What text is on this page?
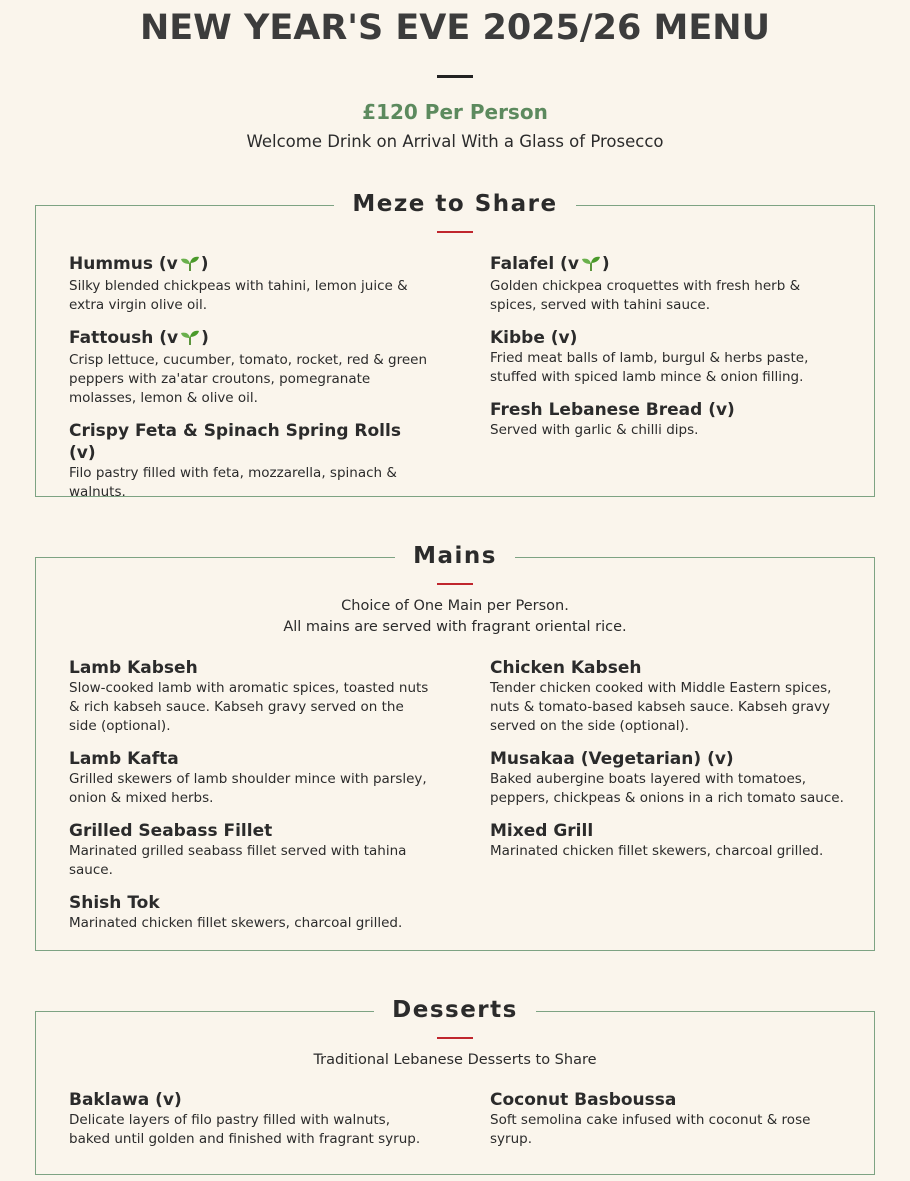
NEW YEAR'S EVE 2025/26 MENU
£120 Per Person
Welcome Drink on Arrival With a Glass of Prosecco
Meze to Share
Hummus (v )
Silky blended chickpeas with tahini, lemon juice & extra virgin olive oil.
Fattoush (v )
Crisp lettuce, cucumber, tomato, rocket, red & green peppers with za'atar croutons, pomegranate molasses, lemon & olive oil.
Crispy Feta & Spinach Spring Rolls (v)
Filo pastry filled with feta, mozzarella, spinach & walnuts.
Falafel (v )
Golden chickpea croquettes with fresh herb & spices, served with tahini sauce.
Kibbe (v)
Fried meat balls of lamb, burgul & herbs paste, stuffed with spiced lamb mince & onion filling.
Fresh Lebanese Bread (v)
Served with garlic & chilli dips.
Mains
Choice of One Main per Person.
All mains are served with fragrant oriental rice.
Lamb Kabseh
Slow-cooked lamb with aromatic spices, toasted nuts & rich kabseh sauce. Kabseh gravy served on the side (optional).
Lamb Kafta
Grilled skewers of lamb shoulder mince with parsley, onion & mixed herbs.
Grilled Seabass Fillet
Marinated grilled seabass fillet served with tahina sauce.
Shish Tok
Marinated chicken fillet skewers, charcoal grilled.
Chicken Kabseh
Tender chicken cooked with Middle Eastern spices, nuts & tomato-based kabseh sauce. Kabseh gravy served on the side (optional).
Musakaa (Vegetarian) (v)
Baked aubergine boats layered with tomatoes, peppers, chickpeas & onions in a rich tomato sauce.
Mixed Grill
Marinated chicken fillet skewers, charcoal grilled.
Desserts
Traditional Lebanese Desserts to Share
Baklawa (v)
Delicate layers of filo pastry filled with walnuts, baked until golden and finished with fragrant syrup.
Coconut Basboussa
Soft semolina cake infused with coconut & rose syrup.
